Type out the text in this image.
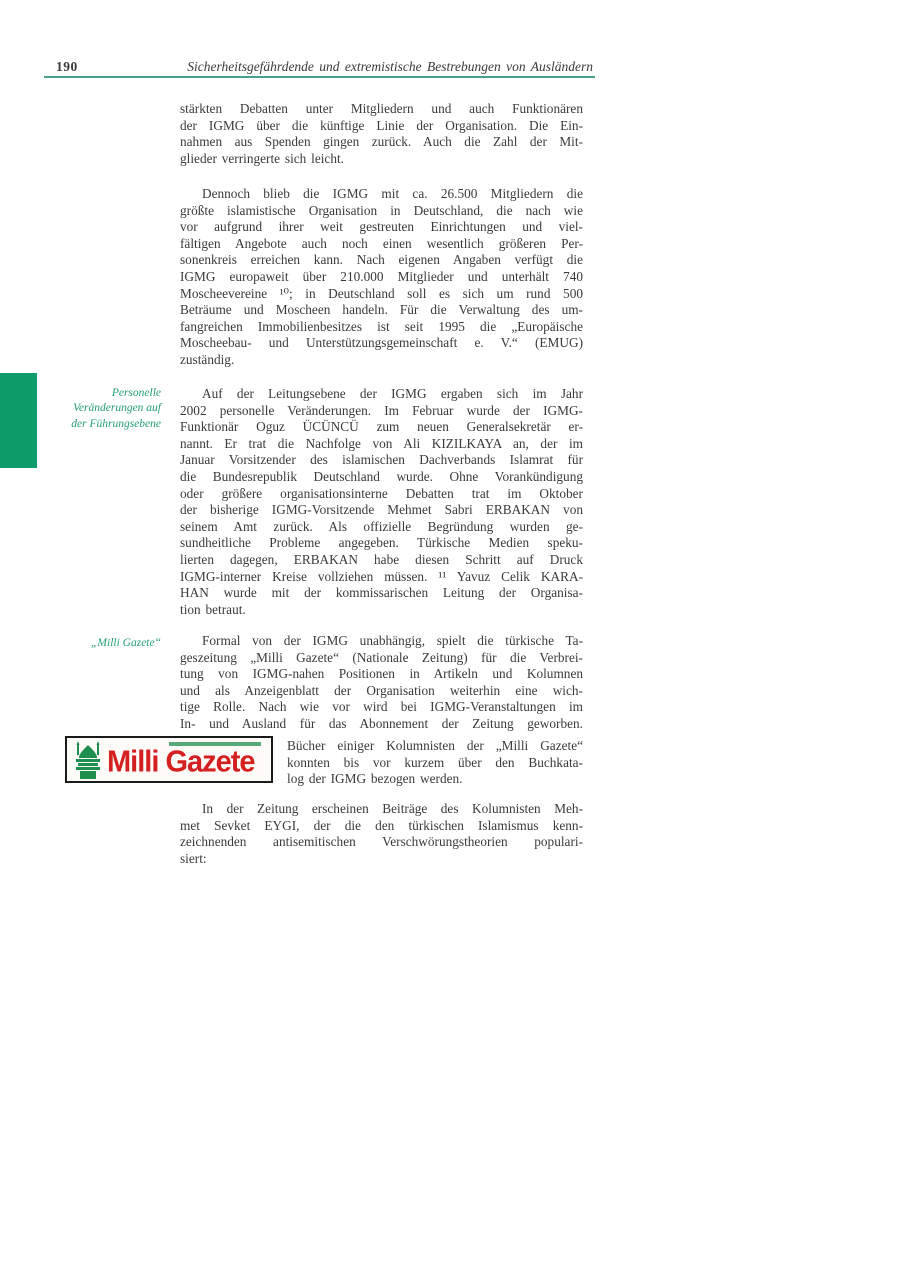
190	Sicherheitsgefährdende und extremistische Bestrebungen von Ausländern
Personelle
Veränderungen auf
der Führungsebene
„Milli Gazete“
stärkten Debatten unter Mitgliedern und auch Funktionären
der IGMG über die künftige Linie der Organisation. Die Ein-
nahmen aus Spenden gingen zurück. Auch die Zahl der Mit-
glieder verringerte sich leicht.
Dennoch blieb die IGMG mit ca. 26.500 Mitgliedern die
größte islamistische Organisation in Deutschland, die nach wie
vor aufgrund ihrer weit gestreuten Einrichtungen und viel-
fältigen Angebote auch noch einen wesentlich größeren Per-
sonenkreis erreichen kann. Nach eigenen Angaben verfügt die
IGMG europaweit über 210.000 Mitglieder und unterhält 740
Moscheevereine ¹⁰; in Deutschland soll es sich um rund 500
Beträume und Moscheen handeln. Für die Verwaltung des um-
fangreichen Immobilienbesitzes ist seit 1995 die „Europäische
Moscheebau- und Unterstützungsgemeinschaft e. V.“ (EMUG)
zuständig.
Auf der Leitungsebene der IGMG ergaben sich im Jahr
2002 personelle Veränderungen. Im Februar wurde der IGMG-
Funktionär Oguz ÜCÜNCÜ zum neuen Generalsekretär er-
nannt. Er trat die Nachfolge von Ali KIZILKAYA an, der im
Januar Vorsitzender des islamischen Dachverbands Islamrat für
die Bundesrepublik Deutschland wurde. Ohne Vorankündigung
oder größere organisationsinterne Debatten trat im Oktober
der bisherige IGMG-Vorsitzende Mehmet Sabri ERBAKAN von
seinem Amt zurück. Als offizielle Begründung wurden ge-
sundheitliche Probleme angegeben. Türkische Medien speku-
lierten dagegen, ERBAKAN habe diesen Schritt auf Druck
IGMG-interner Kreise vollziehen müssen. ¹¹ Yavuz Celik KARA-
HAN wurde mit der kommissarischen Leitung der Organisa-
tion betraut.
Formal von der IGMG unabhängig, spielt die türkische Ta-
geszeitung „Milli Gazete“ (Nationale Zeitung) für die Verbrei-
tung von IGMG-nahen Positionen in Artikeln und Kolumnen
und als Anzeigenblatt der Organisation weiterhin eine wich-
tige Rolle. Nach wie vor wird bei IGMG-Veranstaltungen im
In- und Ausland für das Abonnement der Zeitung geworben.
Milli Gazete Bücher einiger Kolumnisten der „Milli Gazete“
konnten bis vor kurzem über den Buchkata-
log der IGMG bezogen werden.
In der Zeitung erscheinen Beiträge des Kolumnisten Meh-
met Sevket EYGI, der die den türkischen Islamismus kenn-
zeichnenden antisemitischen Verschwörungstheorien populari-
siert:
